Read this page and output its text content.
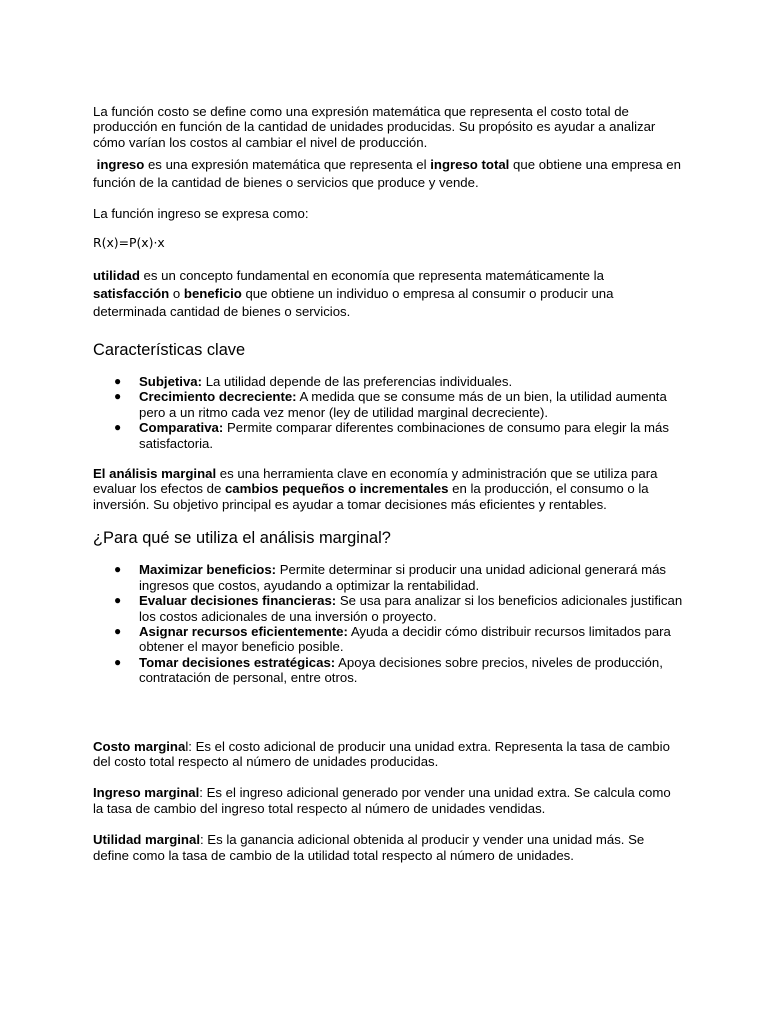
La función costo se define como una expresión matemática que representa el costo total de producción en función de la cantidad de unidades producidas. Su propósito es ayudar a analizar cómo varían los costos al cambiar el nivel de producción.

ingreso es una expresión matemática que representa el ingreso total que obtiene una empresa en función de la cantidad de bienes o servicios que produce y vende.

La función ingreso se expresa como:

R(x)=P(x)·x

utilidad es un concepto fundamental en economía que representa matemáticamente la satisfacción o beneficio que obtiene un individuo o empresa al consumir o producir una determinada cantidad de bienes o servicios.

Características clave
● Subjetiva: La utilidad depende de las preferencias individuales.
● Crecimiento decreciente: A medida que se consume más de un bien, la utilidad aumenta pero a un ritmo cada vez menor (ley de utilidad marginal decreciente).
● Comparativa: Permite comparar diferentes combinaciones de consumo para elegir la más satisfactoria.

El análisis marginal es una herramienta clave en economía y administración que se utiliza para evaluar los efectos de cambios pequeños o incrementales en la producción, el consumo o la inversión. Su objetivo principal es ayudar a tomar decisiones más eficientes y rentables.

¿Para qué se utiliza el análisis marginal?
● Maximizar beneficios: Permite determinar si producir una unidad adicional generará más ingresos que costos, ayudando a optimizar la rentabilidad.
● Evaluar decisiones financieras: Se usa para analizar si los beneficios adicionales justifican los costos adicionales de una inversión o proyecto.
● Asignar recursos eficientemente: Ayuda a decidir cómo distribuir recursos limitados para obtener el mayor beneficio posible.
● Tomar decisiones estratégicas: Apoya decisiones sobre precios, niveles de producción, contratación de personal, entre otros.

Costo marginal: Es el costo adicional de producir una unidad extra. Representa la tasa de cambio del costo total respecto al número de unidades producidas.

Ingreso marginal: Es el ingreso adicional generado por vender una unidad extra. Se calcula como la tasa de cambio del ingreso total respecto al número de unidades vendidas.

Utilidad marginal: Es la ganancia adicional obtenida al producir y vender una unidad más. Se define como la tasa de cambio de la utilidad total respecto al número de unidades.
